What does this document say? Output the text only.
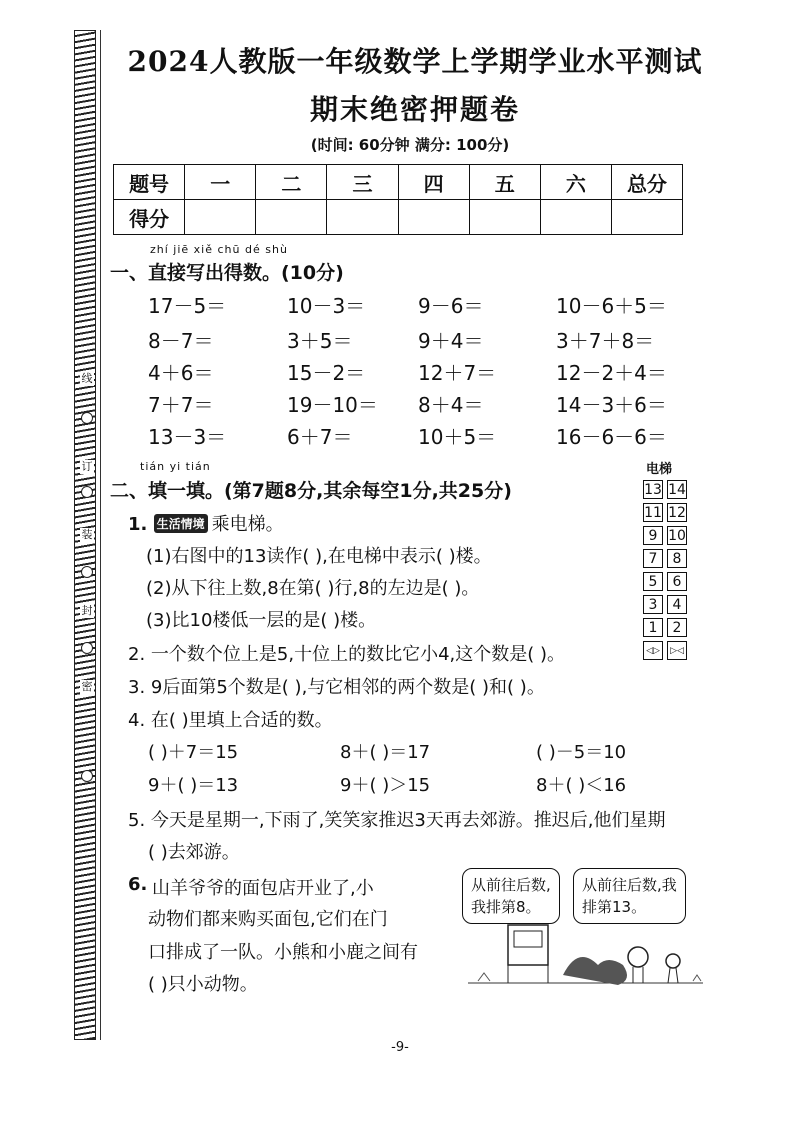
线
订
装
封
密
2024人教版一年级数学上学期学业水平测试
期末绝密押题卷
(时间: 60分钟 满分: 100分)
题号	一	二	三	四	五	六	总分
得分							
zhí jiē xiě chū dé shù
一、直接写出得数。(10分)
17－5＝	10－3＝	9－6＝	10－6＋5＝
8－7＝	3＋5＝	9＋4＝	3＋7＋8＝
4＋6＝	15－2＝	12＋7＝	12－2＋4＝
7＋7＝	19－10＝ 8＋4＝	14－3＋6＝
13－3＝	6＋7＝	10＋5＝	16－6－6＝
tián yi tián
二、填一填。(第7题8分,其余每空1分,共25分)
1. 生活情境 乘电梯。
(1)右图中的13读作( ),在电梯中表示( )楼。
(2)从下往上数,8在第( )行,8的左边是( )。
(3)比10楼低一层的是( )楼。
电梯
13 14
11 12
9 10
7	8
5	6
3	4
1	2
◁▷	▷◁
2. 一个数个位上是5,十位上的数比它小4,这个数是( )。
3. 9后面第5个数是( ),与它相邻的两个数是( )和( )。
4. 在( )里填上合适的数。
( )＋7＝15	8＋( )＝17	( )－5＝10
9＋( )＝13	9＋( )＞15	8＋( )＜16
5. 今天是星期一,下雨了,笑笑家推迟3天再去郊游。推迟后,他们星期
( )去郊游。
6. 山羊爷爷的面包店开业了,小
动物们都来购买面包,它们在门
口排成了一队。小熊和小鹿之间有
( )只小动物。
从前往后数,
我排第8。
从前往后数,我
排第13。
-9-
